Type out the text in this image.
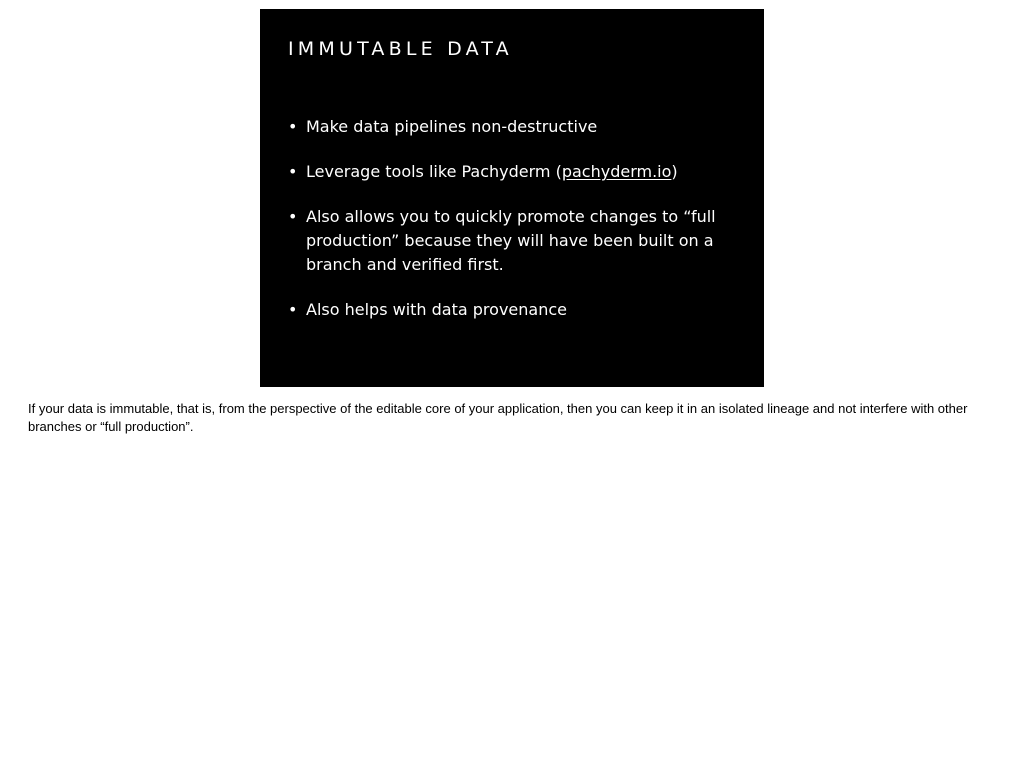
IMMUTABLE DATA
• Make data pipelines non-destructive
• Leverage tools like Pachyderm (pachyderm.io)
• Also allows you to quickly promote changes to “full production” because they will have been built on a branch and verified first.
• Also helps with data provenance

If your data is immutable, that is, from the perspective of the editable core of your application, then you can keep it in an isolated lineage and not interfere with other branches or “full production”.
